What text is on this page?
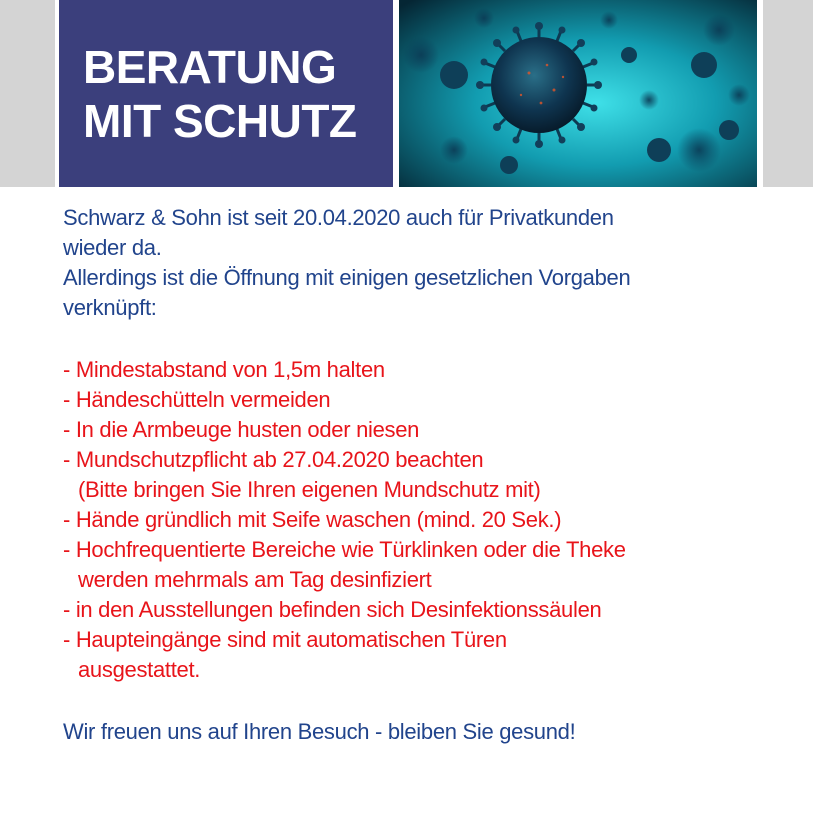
BERATUNG
MIT SCHUTZ

Schwarz & Sohn ist seit 20.04.2020 auch für Privatkunden

wieder da.

Allerdings ist die Öffnung mit einigen gesetzlichen Vorgaben

verknüpft:

- Mindestabstand von 1,5m halten

- Händeschütteln vermeiden

- In die Armbeuge husten oder niesen

- Mundschutzpflicht ab 27.04.2020 beachten

(Bitte bringen Sie Ihren eigenen Mundschutz mit)

- Hände gründlich mit Seife waschen (mind. 20 Sek.)

- Hochfrequentierte Bereiche wie Türklinken oder die Theke

werden mehrmals am Tag desinfiziert

- in den Ausstellungen befinden sich Desinfektionssäulen

- Haupteingänge sind mit automatischen Türen

ausgestattet.

Wir freuen uns auf Ihren Besuch - bleiben Sie gesund!
